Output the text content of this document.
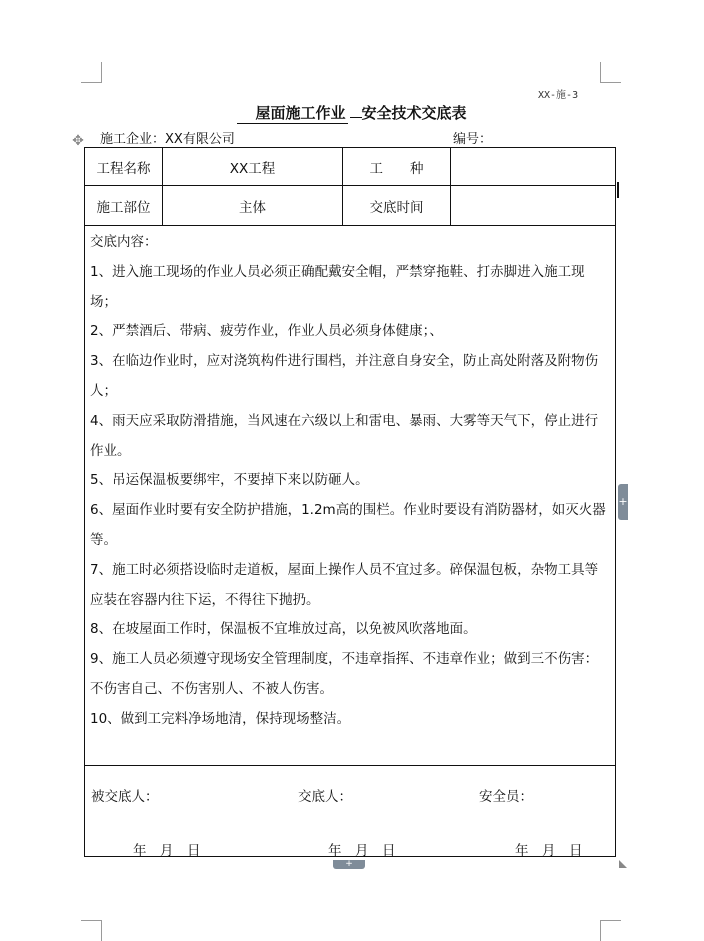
XX-施-3
屋面施工作业 安全技术交底表
✥ 施工企业：XX有限公司	编号：
工程名称	XX工程	工　　种
施工部位	主体	交底时间

交底内容：

1、进入施工现场的作业人员必须正确配戴安全帽，严禁穿拖鞋、打赤脚进入施工现场；

2、严禁酒后、带病、疲劳作业，作业人员必须身体健康；、

3、在临边作业时，应对浇筑构件进行围档，并注意自身安全，防止高处附落及附物伤人；

4、雨天应采取防滑措施，当风速在六级以上和雷电、暴雨、大雾等天气下，停止进行作业。

5、吊运保温板要绑牢，不要掉下来以防砸人。

6、屋面作业时要有安全防护措施，1.2m高的围栏。作业时要设有消防器材，如灭火器等。

7、施工时必须搭设临时走道板，屋面上操作人员不宜过多。碎保温包板，杂物工具等应装在容器内往下运，不得往下抛扔。

8、在坡屋面工作时，保温板不宜堆放过高，以免被风吹落地面。

9、施工人员必须遵守现场安全管理制度，不违章指挥、不违章作业；做到三不伤害：不伤害自己、不伤害别人、不被人伤害。

10、做到工完料净场地清，保持现场整洁。

被交底人：	交底人：	安全员：
年　月　日	年　月　日	年　月　日
+
+
